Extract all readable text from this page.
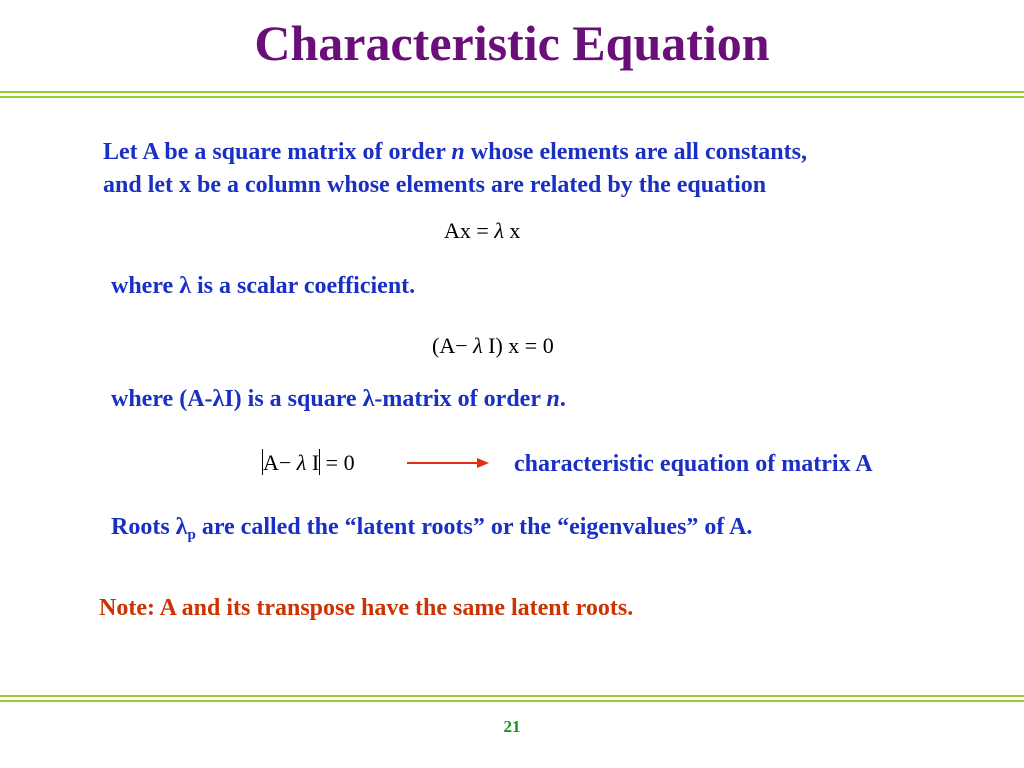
Characteristic Equation
Let A be a square matrix of order n whose elements are all constants,
and let x be a column whose elements are related by the equation
Ax = λ x
where λ is a scalar coefficient.
(A− λ I) x = 0
where (A-λI) is a square λ-matrix of order n.
A− λ I = 0	characteristic equation of matrix A
Roots $\lambda_p$ are called the “latent roots” or the “eigenvalues” of A.
Note: A and its transpose have the same latent roots.
21
